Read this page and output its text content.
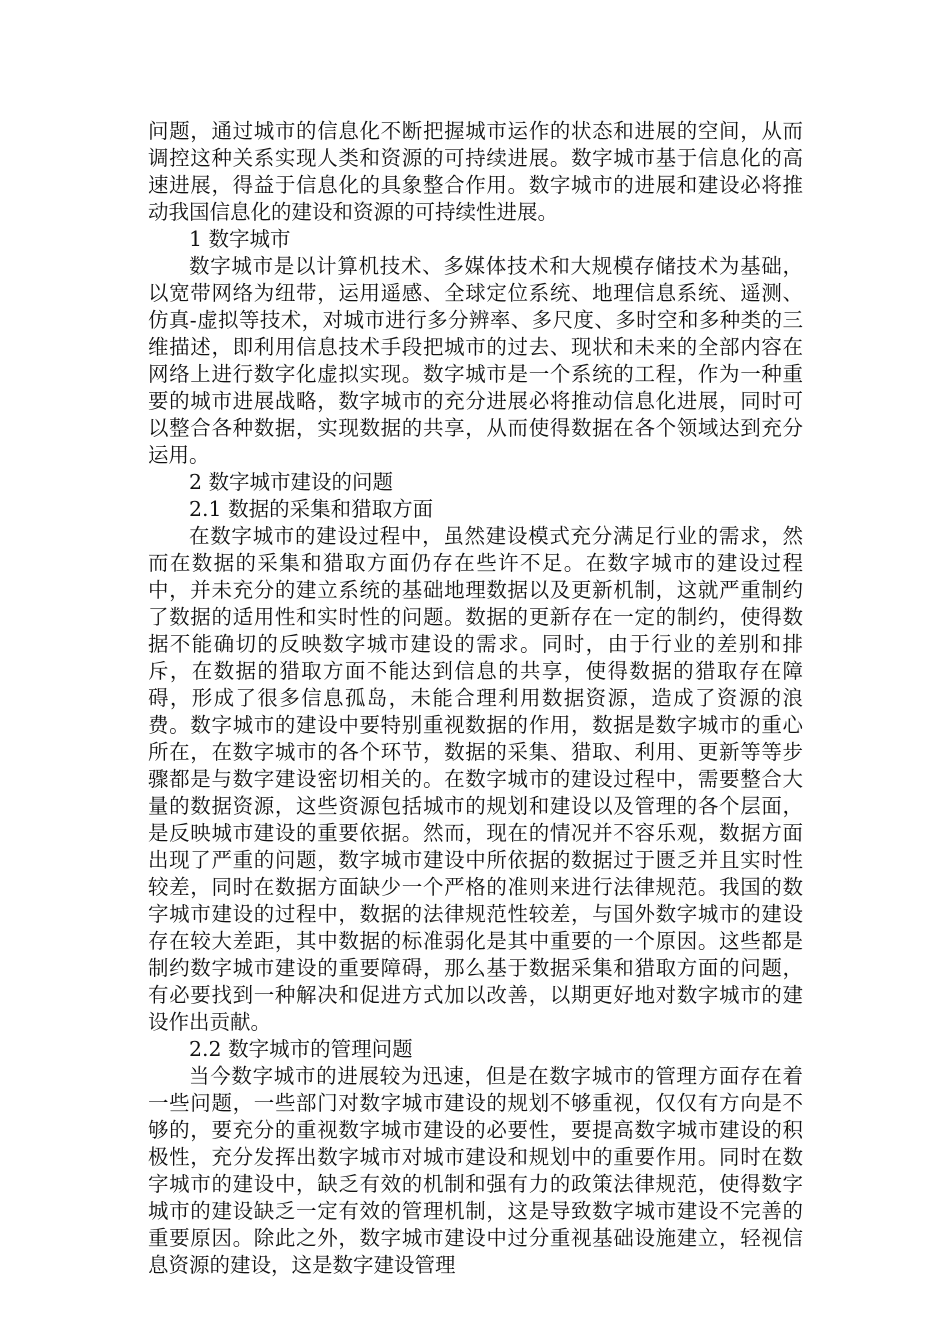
问题，通过城市的信息化不断把握城市运作的状态和进展的空间，从而调控这种关系实现人类和资源的可持续进展。数字城市基于信息化的高速进展，得益于信息化的具象整合作用。数字城市的进展和建设必将推动我国信息化的建设和资源的可持续性进展。

1 数字城市

数字城市是以计算机技术、多媒体技术和大规模存储技术为基础，以宽带网络为纽带，运用遥感、全球定位系统、地理信息系统、遥测、仿真-虚拟等技术，对城市进行多分辨率、多尺度、多时空和多种类的三维描述，即利用信息技术手段把城市的过去、现状和未来的全部内容在网络上进行数字化虚拟实现。数字城市是一个系统的工程，作为一种重要的城市进展战略，数字城市的充分进展必将推动信息化进展，同时可以整合各种数据，实现数据的共享，从而使得数据在各个领域达到充分运用。

2 数字城市建设的问题

2.1 数据的采集和猎取方面

在数字城市的建设过程中，虽然建设模式充分满足行业的需求，然而在数据的采集和猎取方面仍存在些许不足。在数字城市的建设过程中，并未充分的建立系统的基础地理数据以及更新机制，这就严重制约了数据的适用性和实时性的问题。数据的更新存在一定的制约，使得数据不能确切的反映数字城市建设的需求。同时，由于行业的差别和排斥，在数据的猎取方面不能达到信息的共享，使得数据的猎取存在障碍，形成了很多信息孤岛，未能合理利用数据资源，造成了资源的浪费。数字城市的建设中要特别重视数据的作用，数据是数字城市的重心所在，在数字城市的各个环节，数据的采集、猎取、利用、更新等等步骤都是与数字建设密切相关的。在数字城市的建设过程中，需要整合大量的数据资源，这些资源包括城市的规划和建设以及管理的各个层面，是反映城市建设的重要依据。然而，现在的情况并不容乐观，数据方面出现了严重的问题，数字城市建设中所依据的数据过于匮乏并且实时性较差，同时在数据方面缺少一个严格的准则来进行法律规范。我国的数字城市建设的过程中，数据的法律规范性较差，与国外数字城市的建设存在较大差距，其中数据的标准弱化是其中重要的一个原因。这些都是制约数字城市建设的重要障碍，那么基于数据采集和猎取方面的问题，有必要找到一种解决和促进方式加以改善，以期更好地对数字城市的建设作出贡献。

2.2 数字城市的管理问题

当今数字城市的进展较为迅速，但是在数字城市的管理方面存在着一些问题，一些部门对数字城市建设的规划不够重视，仅仅有方向是不够的，要充分的重视数字城市建设的必要性，要提高数字城市建设的积极性，充分发挥出数字城市对城市建设和规划中的重要作用。同时在数字城市的建设中，缺乏有效的机制和强有力的政策法律规范，使得数字城市的建设缺乏一定有效的管理机制，这是导致数字城市建设不完善的重要原因。除此之外，数字城市建设中过分重视基础设施建立，轻视信息资源的建设，这是数字建设管理
